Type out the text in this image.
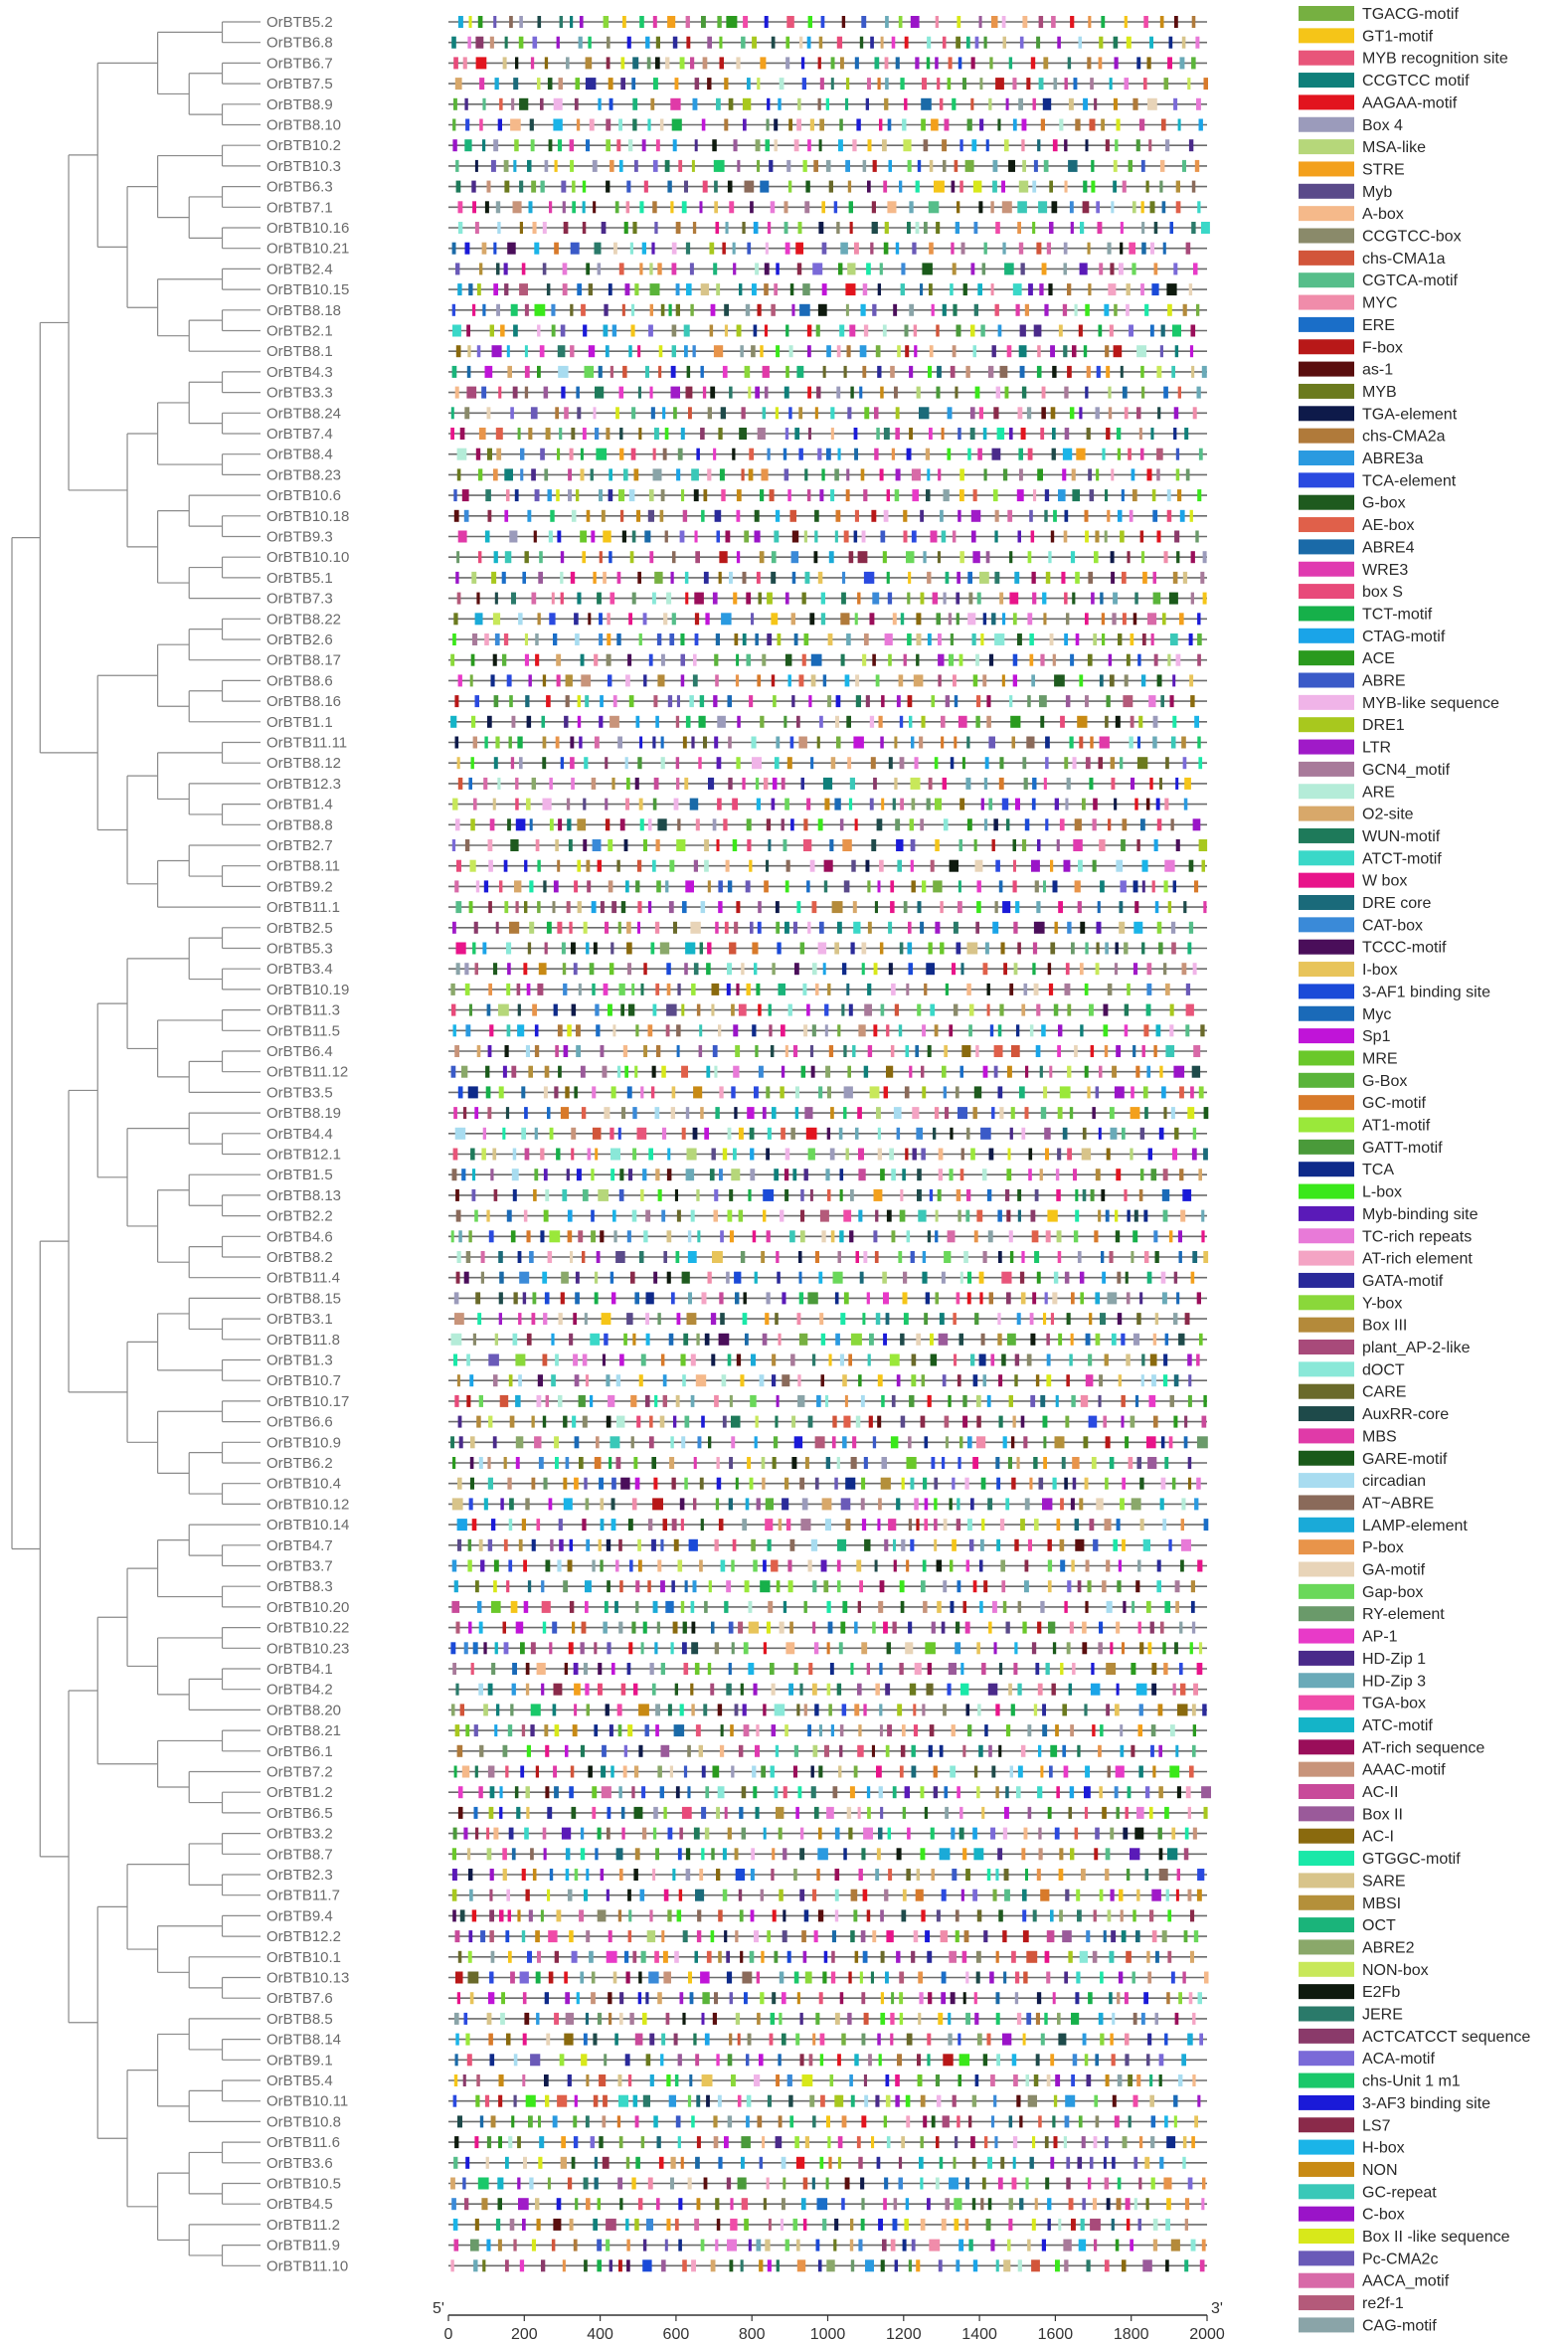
OrBTB5.2
OrBTB6.8
OrBTB6.7
OrBTB7.5
OrBTB8.9
OrBTB8.10
OrBTB10.2
OrBTB10.3
OrBTB6.3
OrBTB7.1
OrBTB10.16
OrBTB10.21
OrBTB2.4
OrBTB10.15
OrBTB8.18
OrBTB2.1
OrBTB8.1
OrBTB4.3
OrBTB3.3
OrBTB8.24
OrBTB7.4
OrBTB8.4
OrBTB8.23
OrBTB10.6
OrBTB10.18
OrBTB9.3
OrBTB10.10
OrBTB5.1
OrBTB7.3
OrBTB8.22
OrBTB2.6
OrBTB8.17
OrBTB8.6
OrBTB8.16
OrBTB1.1
OrBTB11.11
OrBTB8.12
OrBTB12.3
OrBTB1.4
OrBTB8.8
OrBTB2.7
OrBTB8.11
OrBTB9.2
OrBTB11.1
OrBTB2.5
OrBTB5.3
OrBTB3.4
OrBTB10.19
OrBTB11.3
OrBTB11.5
OrBTB6.4
OrBTB11.12
OrBTB3.5
OrBTB8.19
OrBTB4.4
OrBTB12.1
OrBTB1.5
OrBTB8.13
OrBTB2.2
OrBTB4.6
OrBTB8.2
OrBTB11.4
OrBTB8.15
OrBTB3.1
OrBTB11.8
OrBTB1.3
OrBTB10.7
OrBTB10.17
OrBTB6.6
OrBTB10.9
OrBTB6.2
OrBTB10.4
OrBTB10.12
OrBTB10.14
OrBTB4.7
OrBTB3.7
OrBTB8.3
OrBTB10.20
OrBTB10.22
OrBTB10.23
OrBTB4.1
OrBTB4.2
OrBTB8.20
OrBTB8.21
OrBTB6.1
OrBTB7.2
OrBTB1.2
OrBTB6.5
OrBTB3.2
OrBTB8.7
OrBTB2.3
OrBTB11.7
OrBTB9.4
OrBTB12.2
OrBTB10.1
OrBTB10.13
OrBTB7.6
OrBTB8.5
OrBTB8.14
OrBTB9.1
OrBTB5.4
OrBTB10.11
OrBTB10.8
OrBTB11.6
OrBTB3.6
OrBTB10.5
OrBTB4.5
OrBTB11.2
OrBTB11.9
OrBTB11.10
0	200	400	600	800	1000	1200	1400	1600	1800	2000
5'	3'
TGACG-motif
GT1-motif
MYB recognition site
CCGTCC motif
AAGAA-motif
Box 4
MSA-like
STRE
Myb
A-box
CCGTCC-box
chs-CMA1a
CGTCA-motif
MYC
ERE
F-box
as-1
MYB
TGA-element
chs-CMA2a
ABRE3a
TCA-element
G-box
AE-box
ABRE4
WRE3
box S
TCT-motif
CTAG-motif
ACE
ABRE
MYB-like sequence
DRE1
LTR
GCN4_motif
ARE
O2-site
WUN-motif
ATCT-motif
W box
DRE core
CAT-box
TCCC-motif
I-box
3-AF1 binding site
Myc
Sp1
MRE
G-Box
GC-motif
AT1-motif
GATT-motif
TCA
L-box
Myb-binding site
TC-rich repeats
AT-rich element
GATA-motif
Y-box
Box III
plant_AP-2-like
dOCT
CARE
AuxRR-core
MBS
GARE-motif
circadian
AT~ABRE
LAMP-element
P-box
GA-motif
Gap-box
RY-element
AP-1
HD-Zip 1
HD-Zip 3
TGA-box
ATC-motif
AT-rich sequence
AAAC-motif
AC-II
Box II
AC-I
GTGGC-motif
SARE
MBSI
OCT
ABRE2
NON-box
E2Fb
JERE
ACTCATCCT sequence
ACA-motif
chs-Unit 1 m1
3-AF3 binding site
LS7
H-box
NON
GC-repeat
C-box
Box II -like sequence
Pc-CMA2c
AACA_motif
re2f-1
CAG-motif
